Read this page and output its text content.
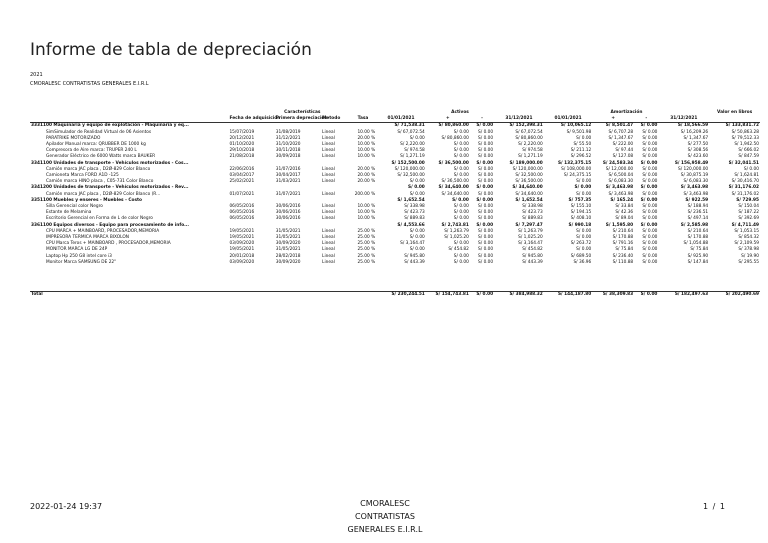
Informe de tabla de depreciación
2021
CMORALESC CONTRATISTAS GENERALES E.I.R.L
	Características				Activos				Amortización				Valor en libros
	Fecha de adquisición	Primera depreciación	Metodo	Tasa	01/01/2021	+	-	31/12/2021	01/01/2021	+	-	31/12/2021	
3331100 Maquinaria y equipo de explotación - Maquinaria y eq...					S/ 71,538.31	S/ 80,860.00	S/ 0.00	S/ 152,398.31	S/ 10,065.12	S/ 8,501.47	S/ 0.00	S/ 18,566.59	S/ 133,831.72
SimSimulador de Realidad Virtual de 06 Asientos	15/07/2019	31/08/2019	Lineal	10.00 %	S/ 67,072.54	S/ 0.00	S/ 0.00	S/ 67,072.54	S/ 9,501.98	S/ 6,707.28	S/ 0.00	S/ 16,209.26	S/ 50,863.28
PARATRIKE MOTORIZADO	20/12/2021	31/12/2021	Lineal	20.00 %	S/ 0.00	S/ 80,860.00	S/ 0.00	S/ 80,860.00	S/ 0.00	S/ 1,347.67	S/ 0.00	S/ 1,347.67	S/ 79,512.33
Apilador Manual marca: QRUBBER DE 1000 kg	01/10/2020	31/10/2020	Lineal	10.00 %	S/ 2,220.00	S/ 0.00	S/ 0.00	S/ 2,220.00	S/ 55.50	S/ 222.00	S/ 0.00	S/ 277.50	S/ 1,942.50
Compresora de Aire marca: TRUPER 240 L	29/10/2018	30/11/2018	Lineal	10.00 %	S/ 974.58	S/ 0.00	S/ 0.00	S/ 974.58	S/ 211.12	S/ 97.44	S/ 0.00	S/ 308.56	S/ 666.02
Generador Eléctrico de 6000 Watts marca BAUKER	21/08/2018	30/09/2018	Lineal	10.00 %	S/ 1,271.19	S/ 0.00	S/ 0.00	S/ 1,271.19	S/ 296.52	S/ 127.08	S/ 0.00	S/ 423.60	S/ 847.59
3341100 Unidades de transporte - Vehículos motorizados - Cos...					S/ 152,500.00	S/ 36,500.00	S/ 0.00	S/ 189,000.00	S/ 132,375.15	S/ 24,583.34	S/ 0.00	S/ 156,958.49	S/ 32,041.51
Camión marca JAC placa , D2Ø-829 Color Blanco	22/06/2016	31/07/2016	Lineal	20.00 %	S/ 120,000.00	S/ 0.00	S/ 0.00	S/ 120,000.00	S/ 108,000.00	S/ 12,000.00	S/ 0.00	S/ 120,000.00	S/ 0.00
Camioneta Marca FORD A1D -125	03/04/2017	30/04/2017	Lineal	20.00 %	S/ 32,500.00	S/ 0.00	S/ 0.00	S/ 32,500.00	S/ 24,375.15	S/ 6,500.04	S/ 0.00	S/ 30,875.19	S/ 1,624.81
Camión marca HINO placa , C05-731 Color Blanco	25/02/2021	31/03/2021	Lineal	20.00 %	S/ 0.00	S/ 36,500.00	S/ 0.00	S/ 36,500.00	S/ 0.00	S/ 6,083.30	S/ 0.00	S/ 6,083.30	S/ 30,416.70
3341200 Unidades de transporte - Vehículos motorizados - Rev...					S/ 0.00	S/ 34,640.00	S/ 0.00	S/ 34,640.00	S/ 0.00	S/ 3,463.98	S/ 0.00	S/ 3,463.98	S/ 31,176.02
Camión marca JAC placa , D2Ø-829 Color Blanco (R...	01/07/2021	31/07/2021	Lineal	200.00 %	S/ 0.00	S/ 34,640.00	S/ 0.00	S/ 34,640.00	S/ 0.00	S/ 3,463.98	S/ 0.00	S/ 3,463.98	S/ 31,176.02
3351100 Muebles y enseres - Muebles - Costo					S/ 1,652.54	S/ 0.00	S/ 0.00	S/ 1,652.54	S/ 757.35	S/ 165.24	S/ 0.00	S/ 922.59	S/ 729.95
Silla Gerencial color Negro	06/05/2016	30/06/2016	Lineal	10.00 %	S/ 338.98	S/ 0.00	S/ 0.00	S/ 338.98	S/ 155.10	S/ 33.84	S/ 0.00	S/ 188.94	S/ 150.04
Estante de Melamina	06/05/2016	30/06/2016	Lineal	10.00 %	S/ 423.73	S/ 0.00	S/ 0.00	S/ 423.73	S/ 194.15	S/ 42.36	S/ 0.00	S/ 236.51	S/ 187.22
Escritorio Gerencial en Forma de L de color Negro	06/05/2016	30/06/2016	Lineal	10.00 %	S/ 889.83	S/ 0.00	S/ 0.00	S/ 889.83	S/ 408.10	S/ 89.04	S/ 0.00	S/ 497.14	S/ 392.69
3361100 Equipos diversos - Equipo para procesamiento de info...					S/ 4,553.66	S/ 2,743.81	S/ 0.00	S/ 7,297.47	S/ 990.18	S/ 1,595.80	S/ 0.00	S/ 2,585.98	S/ 4,711.49
CPU MARCA + MAINBOARD, PROCESADOR,MEMORIA	19/05/2021	31/05/2021	Lineal	25.00 %	S/ 0.00	S/ 1,263.79	S/ 0.00	S/ 1,263.79	S/ 0.00	S/ 210.64	S/ 0.00	S/ 210.64	S/ 1,053.15
IMPRESORA TERMICA MARCA BIXOLON	19/05/2021	31/05/2021	Lineal	25.00 %	S/ 0.00	S/ 1,025.20	S/ 0.00	S/ 1,025.20	S/ 0.00	S/ 170.88	S/ 0.00	S/ 170.88	S/ 854.32
CPU Marca Teros + MAINBOARD , PROCESADOR,MEMORIA	03/09/2020	30/09/2020	Lineal	25.00 %	S/ 3,164.47	S/ 0.00	S/ 0.00	S/ 3,164.47	S/ 263.72	S/ 791.16	S/ 0.00	S/ 1,054.88	S/ 2,109.59
MONITOR MARCA LG DE 24P	19/05/2021	31/05/2021	Lineal	25.00 %	S/ 0.00	S/ 454.82	S/ 0.00	S/ 454.82	S/ 0.00	S/ 75.84	S/ 0.00	S/ 75.84	S/ 378.98
Laptop Hp 250 G8 intel core i3	20/01/2018	28/02/2018	Lineal	25.00 %	S/ 945.80	S/ 0.00	S/ 0.00	S/ 945.80	S/ 689.50	S/ 236.40	S/ 0.00	S/ 925.90	S/ 19.90
Monitor Marca SAMSUNG DE 22"	03/09/2020	30/09/2020	Lineal	25.00 %	S/ 443.39	S/ 0.00	S/ 0.00	S/ 443.39	S/ 36.96	S/ 110.88	S/ 0.00	S/ 147.84	S/ 295.55

Total					S/ 230,244.51	S/ 154,743.81	S/ 0.00	S/ 384,988.32	S/ 144,187.80	S/ 38,309.83	S/ 0.00	S/ 182,497.63	S/ 202,490.69
2022-01-24 19:37	CMORALESC
CONTRATISTAS
GENERALES E.I.R.L
1 / 1
